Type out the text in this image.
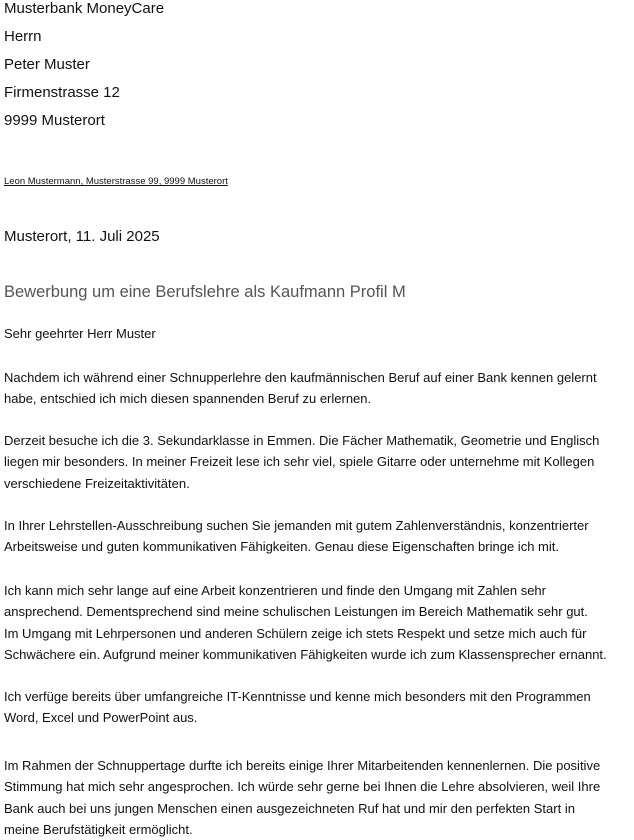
Musterbank MoneyCare
Herrn
Peter Muster
Firmenstrasse 12
9999 Musterort
Leon Mustermann, Musterstrasse 99, 9999 Musterort
Musterort, 11. Juli 2025
Bewerbung um eine Berufslehre als Kaufmann Profil M
Sehr geehrter Herr Muster
Nachdem ich während einer Schnupperlehre den kaufmännischen Beruf auf einer Bank kennen gelernt
habe, entschied ich mich diesen spannenden Beruf zu erlernen.
Derzeit besuche ich die 3. Sekundarklasse in Emmen. Die Fächer Mathematik, Geometrie und Englisch
liegen mir besonders. In meiner Freizeit lese ich sehr viel, spiele Gitarre oder unternehme mit Kollegen
verschiedene Freizeitaktivitäten.
In Ihrer Lehrstellen-Ausschreibung suchen Sie jemanden mit gutem Zahlenverständnis, konzentrierter
Arbeitsweise und guten kommunikativen Fähigkeiten. Genau diese Eigenschaften bringe ich mit.
Ich kann mich sehr lange auf eine Arbeit konzentrieren und finde den Umgang mit Zahlen sehr
ansprechend. Dementsprechend sind meine schulischen Leistungen im Bereich Mathematik sehr gut.
Im Umgang mit Lehrpersonen und anderen Schülern zeige ich stets Respekt und setze mich auch für
Schwächere ein. Aufgrund meiner kommunikativen Fähigkeiten wurde ich zum Klassensprecher ernannt.
Ich verfüge bereits über umfangreiche IT-Kenntnisse und kenne mich besonders mit den Programmen
Word, Excel und PowerPoint aus.
Im Rahmen der Schnuppertage durfte ich bereits einige Ihrer Mitarbeitenden kennenlernen. Die positive
Stimmung hat mich sehr angesprochen. Ich würde sehr gerne bei Ihnen die Lehre absolvieren, weil Ihre
Bank auch bei uns jungen Menschen einen ausgezeichneten Ruf hat und mir den perfekten Start in
meine Berufstätigkeit ermöglicht.
